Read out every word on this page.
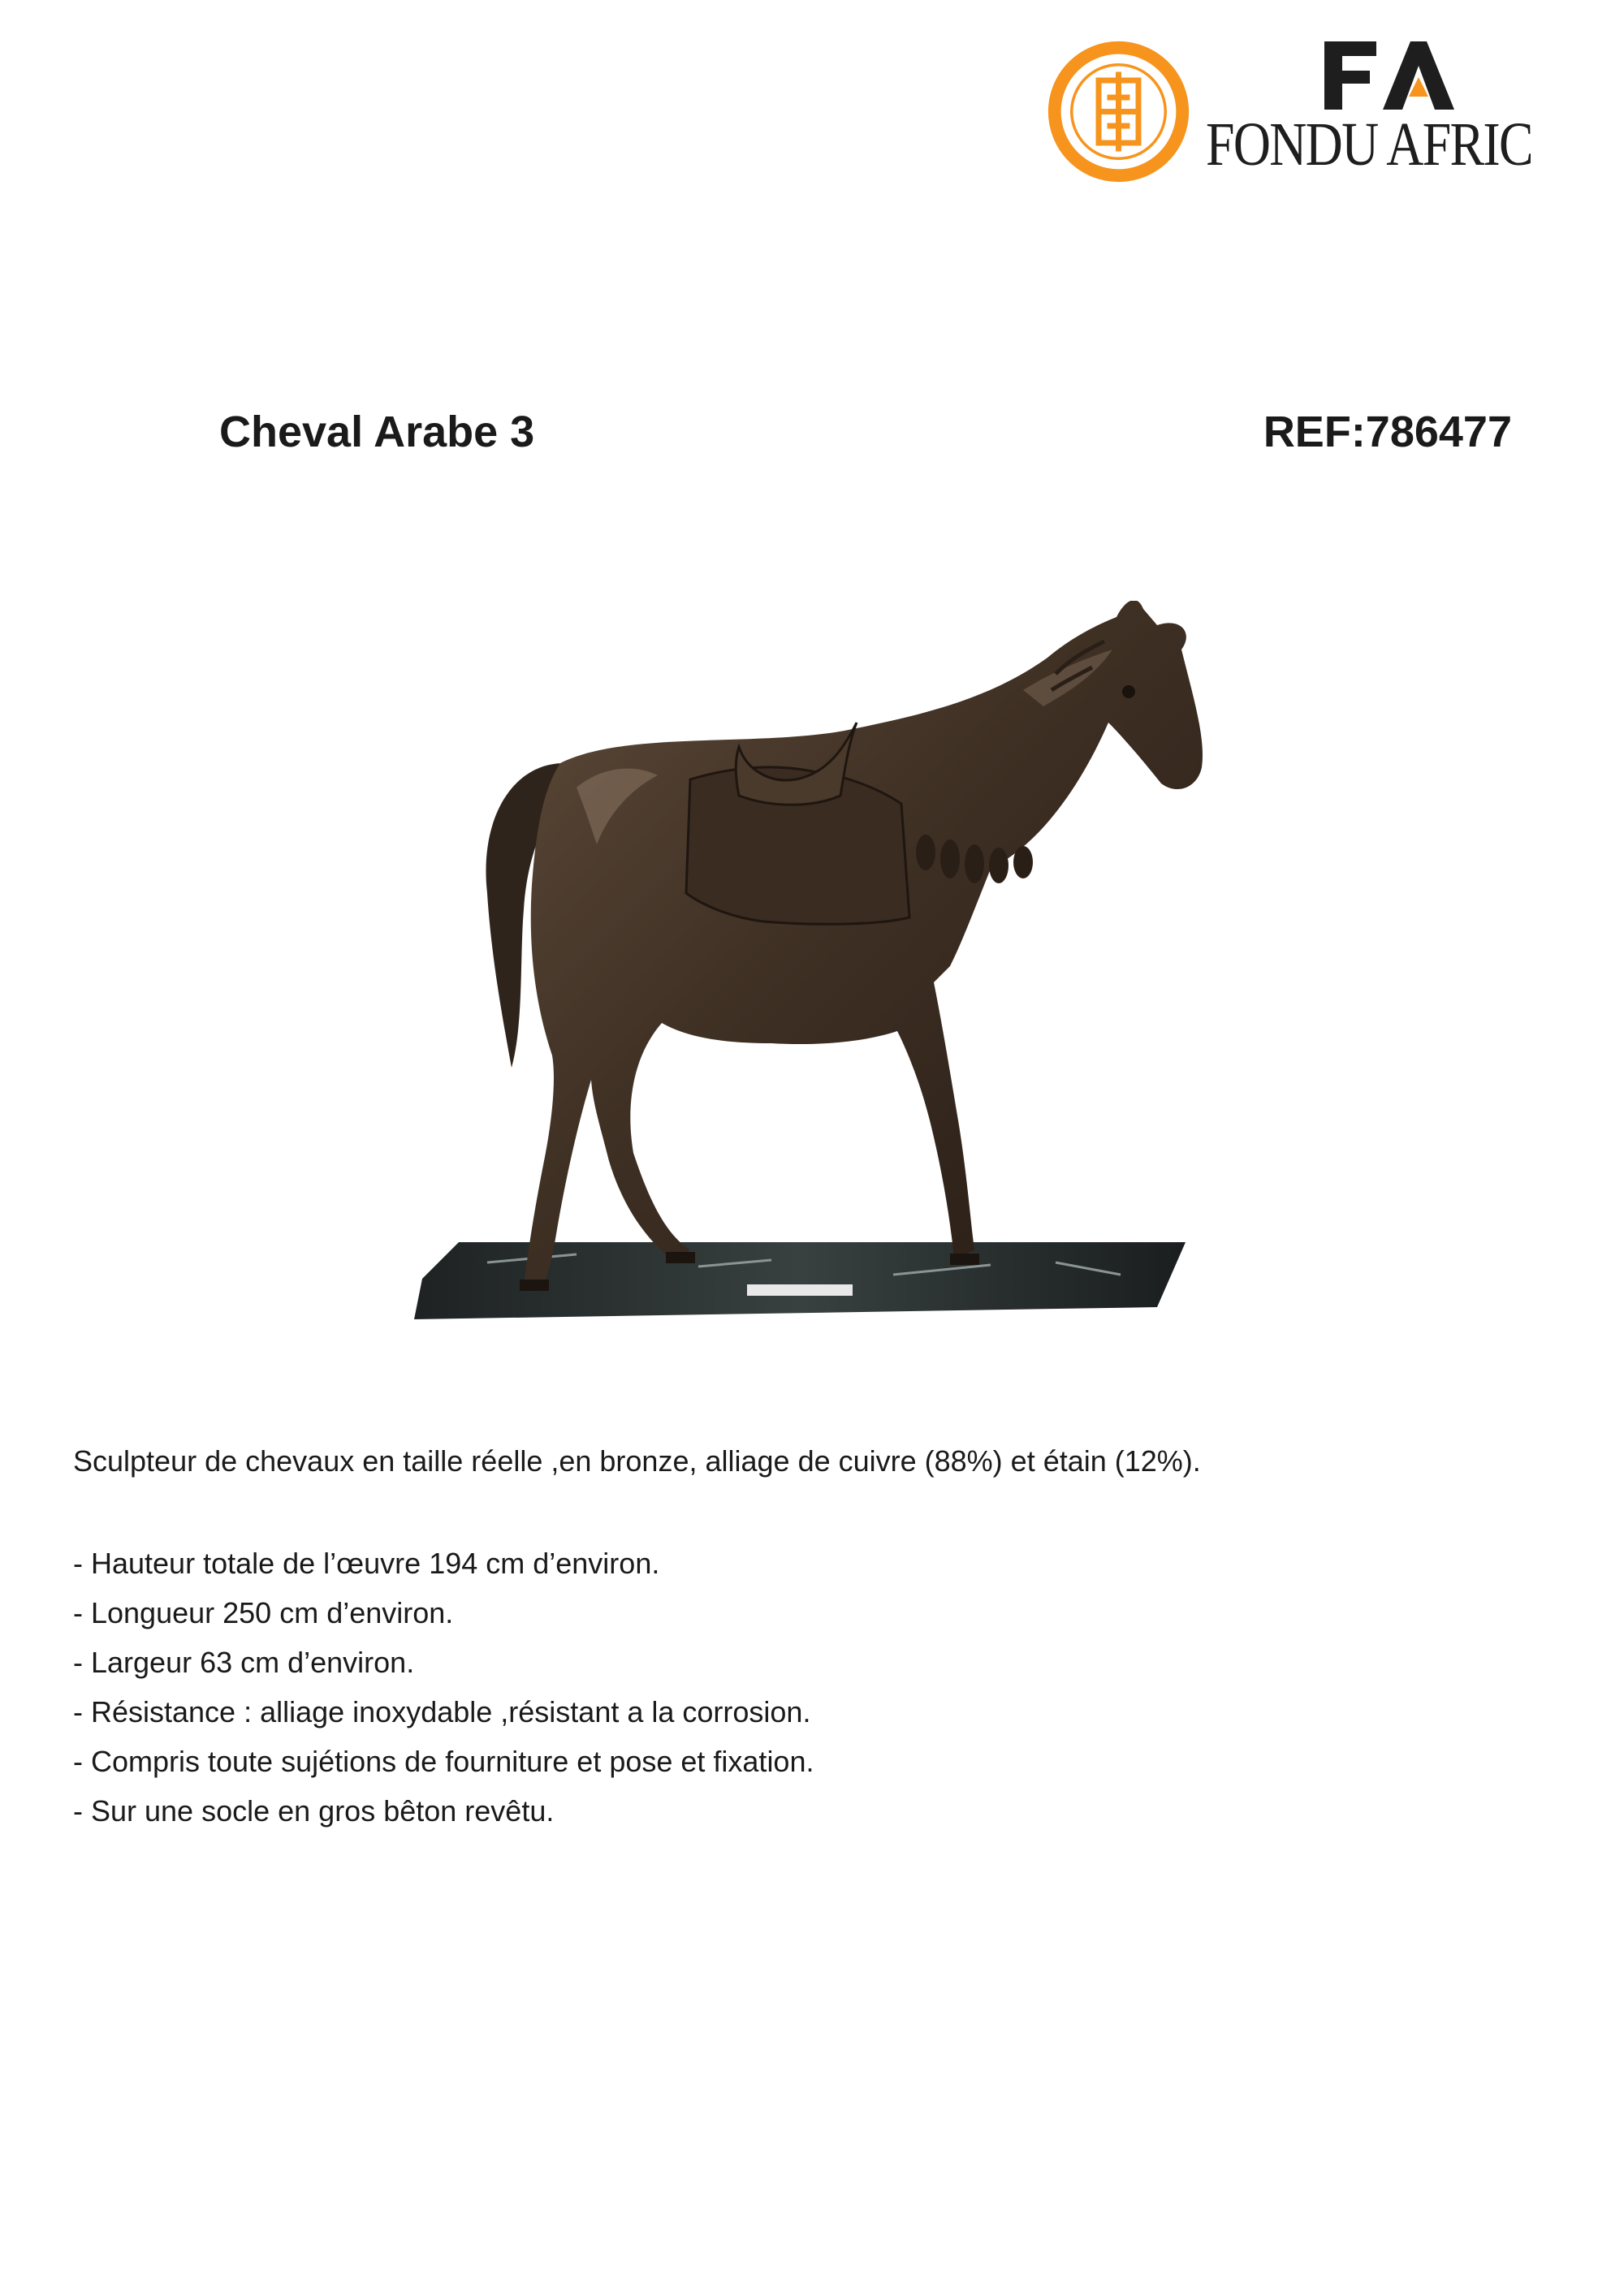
FONDU AFRIC
Cheval Arabe 3	REF:786477

Sculpteur de chevaux en taille réelle ,en bronze, alliage de cuivre (88%) et étain (12%).

- Hauteur totale de l’œuvre 194 cm d’environ.
- Longueur 250 cm d’environ.
- Largeur 63 cm d’environ.
- Résistance : alliage inoxydable ,résistant a la corrosion.
- Compris toute sujétions de fourniture et pose et fixation.
- Sur une socle en gros bêton revêtu.
